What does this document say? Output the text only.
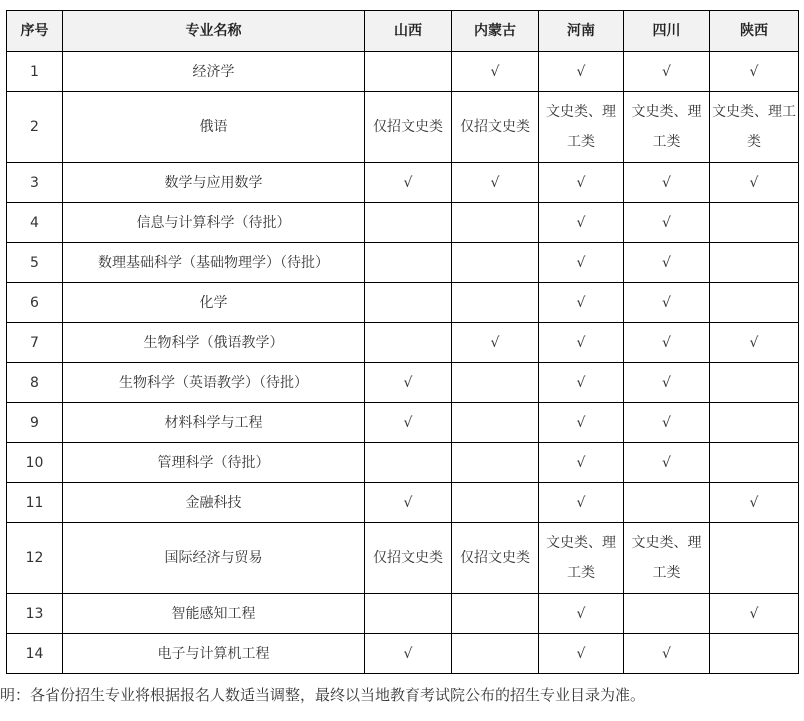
序号	专业名称	山西	内蒙古	河南	四川	陕西
1	经济学		√	√	√	√
2	俄语	仅招文史类	仅招文史类	文史类、理工类	文史类、理工类	文史类、理工类
3	数学与应用数学	√	√	√	√	√
4	信息与计算科学（待批）			√	√	
5	数理基础科学（基础物理学）（待批）			√	√	
6	化学			√	√	
7	生物科学（俄语教学）		√	√	√	√
8	生物科学（英语教学）（待批）	√		√	√	
9	材料科学与工程	√		√	√	
10	管理科学（待批）			√	√	
11	金融科技	√		√		√
12	国际经济与贸易	仅招文史类	仅招文史类	文史类、理工类	文史类、理工类	
13	智能感知工程			√		√
14	电子与计算机工程	√		√	√	
明：各省份招生专业将根据报名人数适当调整，最终以当地教育考试院公布的招生专业目录为准。
